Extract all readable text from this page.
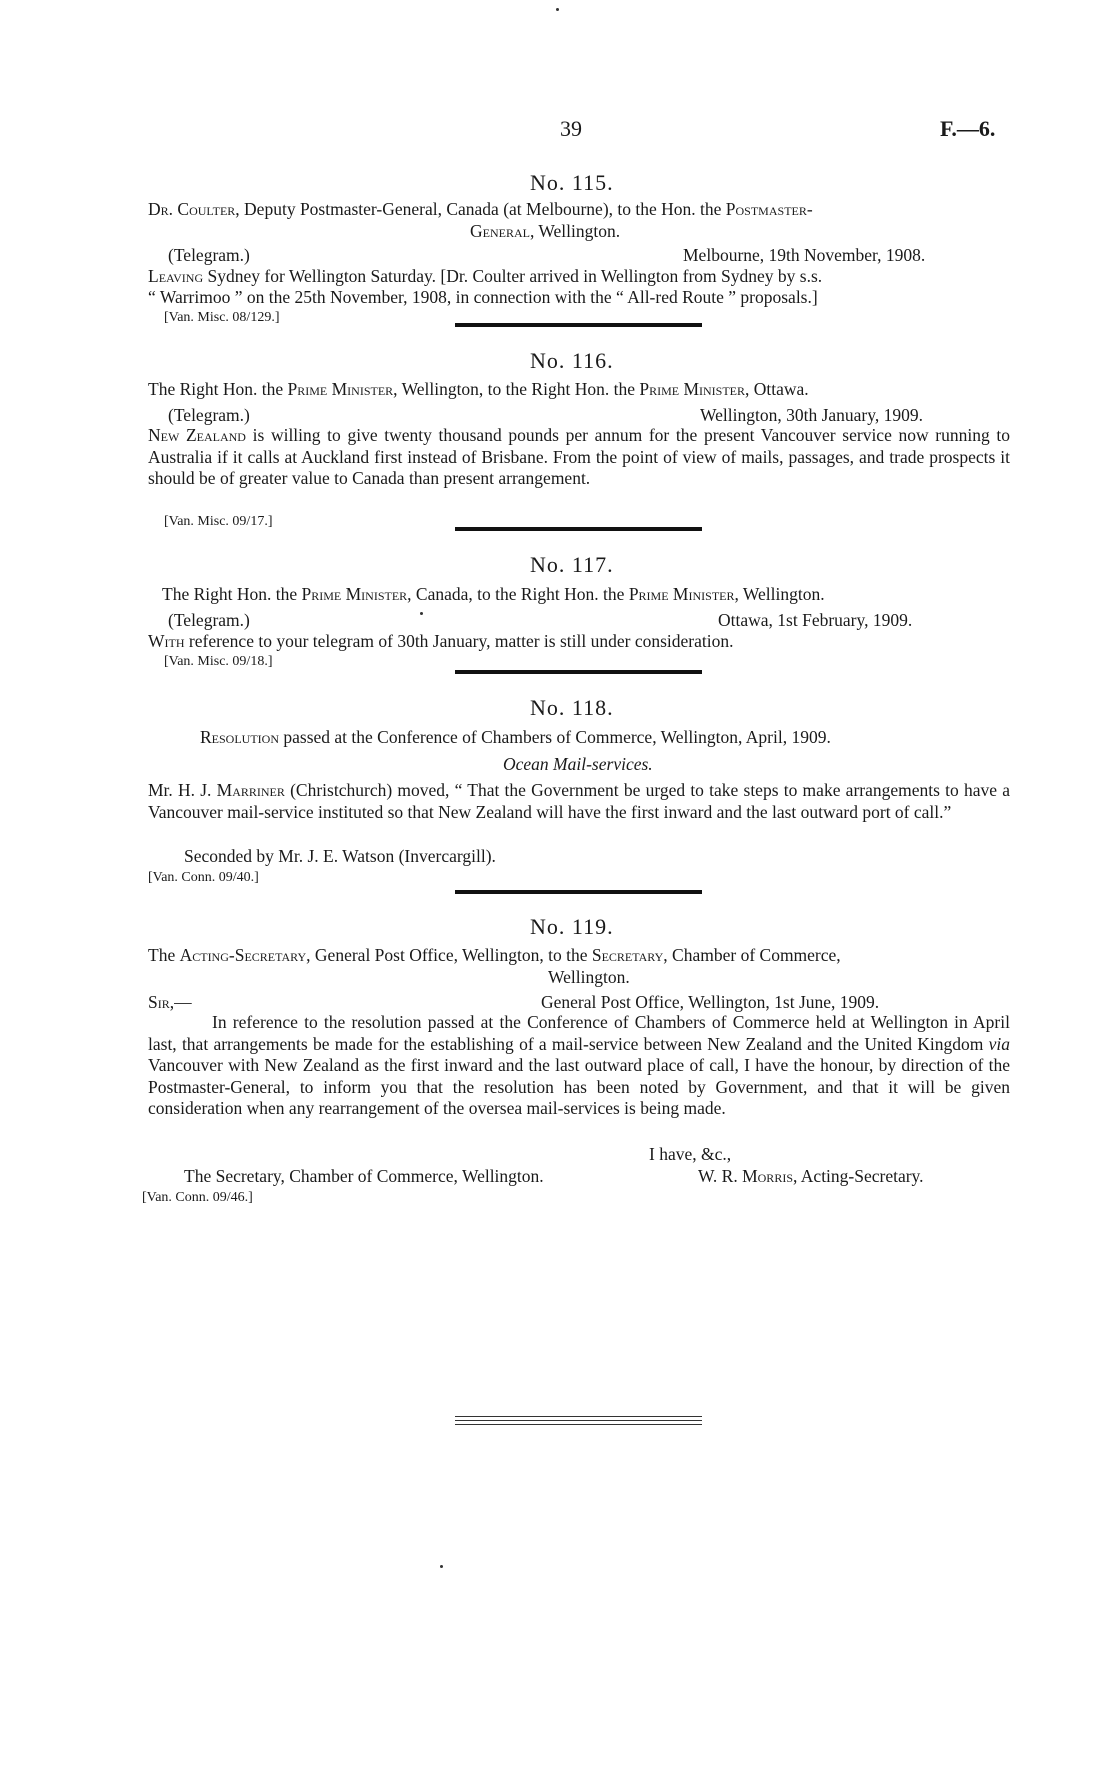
39	F.—6.
No. 115.
Dr. Coulter, Deputy Postmaster-General, Canada (at Melbourne), to the Hon. the Postmaster-
General, Wellington.
(Telegram.)	Melbourne, 19th November, 1908.
Leaving Sydney for Wellington Saturday. [Dr. Coulter arrived in Wellington from Sydney by s.s.
“ Warrimoo ” on the 25th November, 1908, in connection with the “ All-red Route ” proposals.]
[Van. Misc. 08/129.]
No. 116.
The Right Hon. the Prime Minister, Wellington, to the Right Hon. the Prime Minister, Ottawa.
(Telegram.)	Wellington, 30th January, 1909.
New Zealand is willing to give twenty thousand pounds per annum for the present Vancouver service now running to Australia if it calls at Auckland first instead of Brisbane. From the point of view of mails, passages, and trade prospects it should be of greater value to Canada than present arrangement.
[Van. Misc. 09/17.]
No. 117.
The Right Hon. the Prime Minister, Canada, to the Right Hon. the Prime Minister, Wellington.
(Telegram.)	Ottawa, 1st February, 1909.
With reference to your telegram of 30th January, matter is still under consideration.
[Van. Misc. 09/18.]
No. 118.
Resolution passed at the Conference of Chambers of Commerce, Wellington, April, 1909.
Ocean Mail-services.
Mr. H. J. Marriner (Christchurch) moved, “ That the Government be urged to take steps to make arrangements to have a Vancouver mail-service instituted so that New Zealand will have the first inward and the last outward port of call.”
Seconded by Mr. J. E. Watson (Invercargill).
[Van. Conn. 09/40.]
No. 119.
The Acting-Secretary, General Post Office, Wellington, to the Secretary, Chamber of Commerce,
Wellington.
Sir,—	General Post Office, Wellington, 1st June, 1909.
In reference to the resolution passed at the Conference of Chambers of Commerce held at Wellington in April last, that arrangements be made for the establishing of a mail-service between New Zealand and the United Kingdom via Vancouver with New Zealand as the first inward and the last outward place of call, I have the honour, by direction of the Postmaster-General, to inform you that the resolution has been noted by Government, and that it will be given consideration when any rearrangement of the oversea mail-services is being made.
I have, &c.,
The Secretary, Chamber of Commerce, Wellington.	W. R. Morris, Acting-Secretary.
[Van. Conn. 09/46.]
